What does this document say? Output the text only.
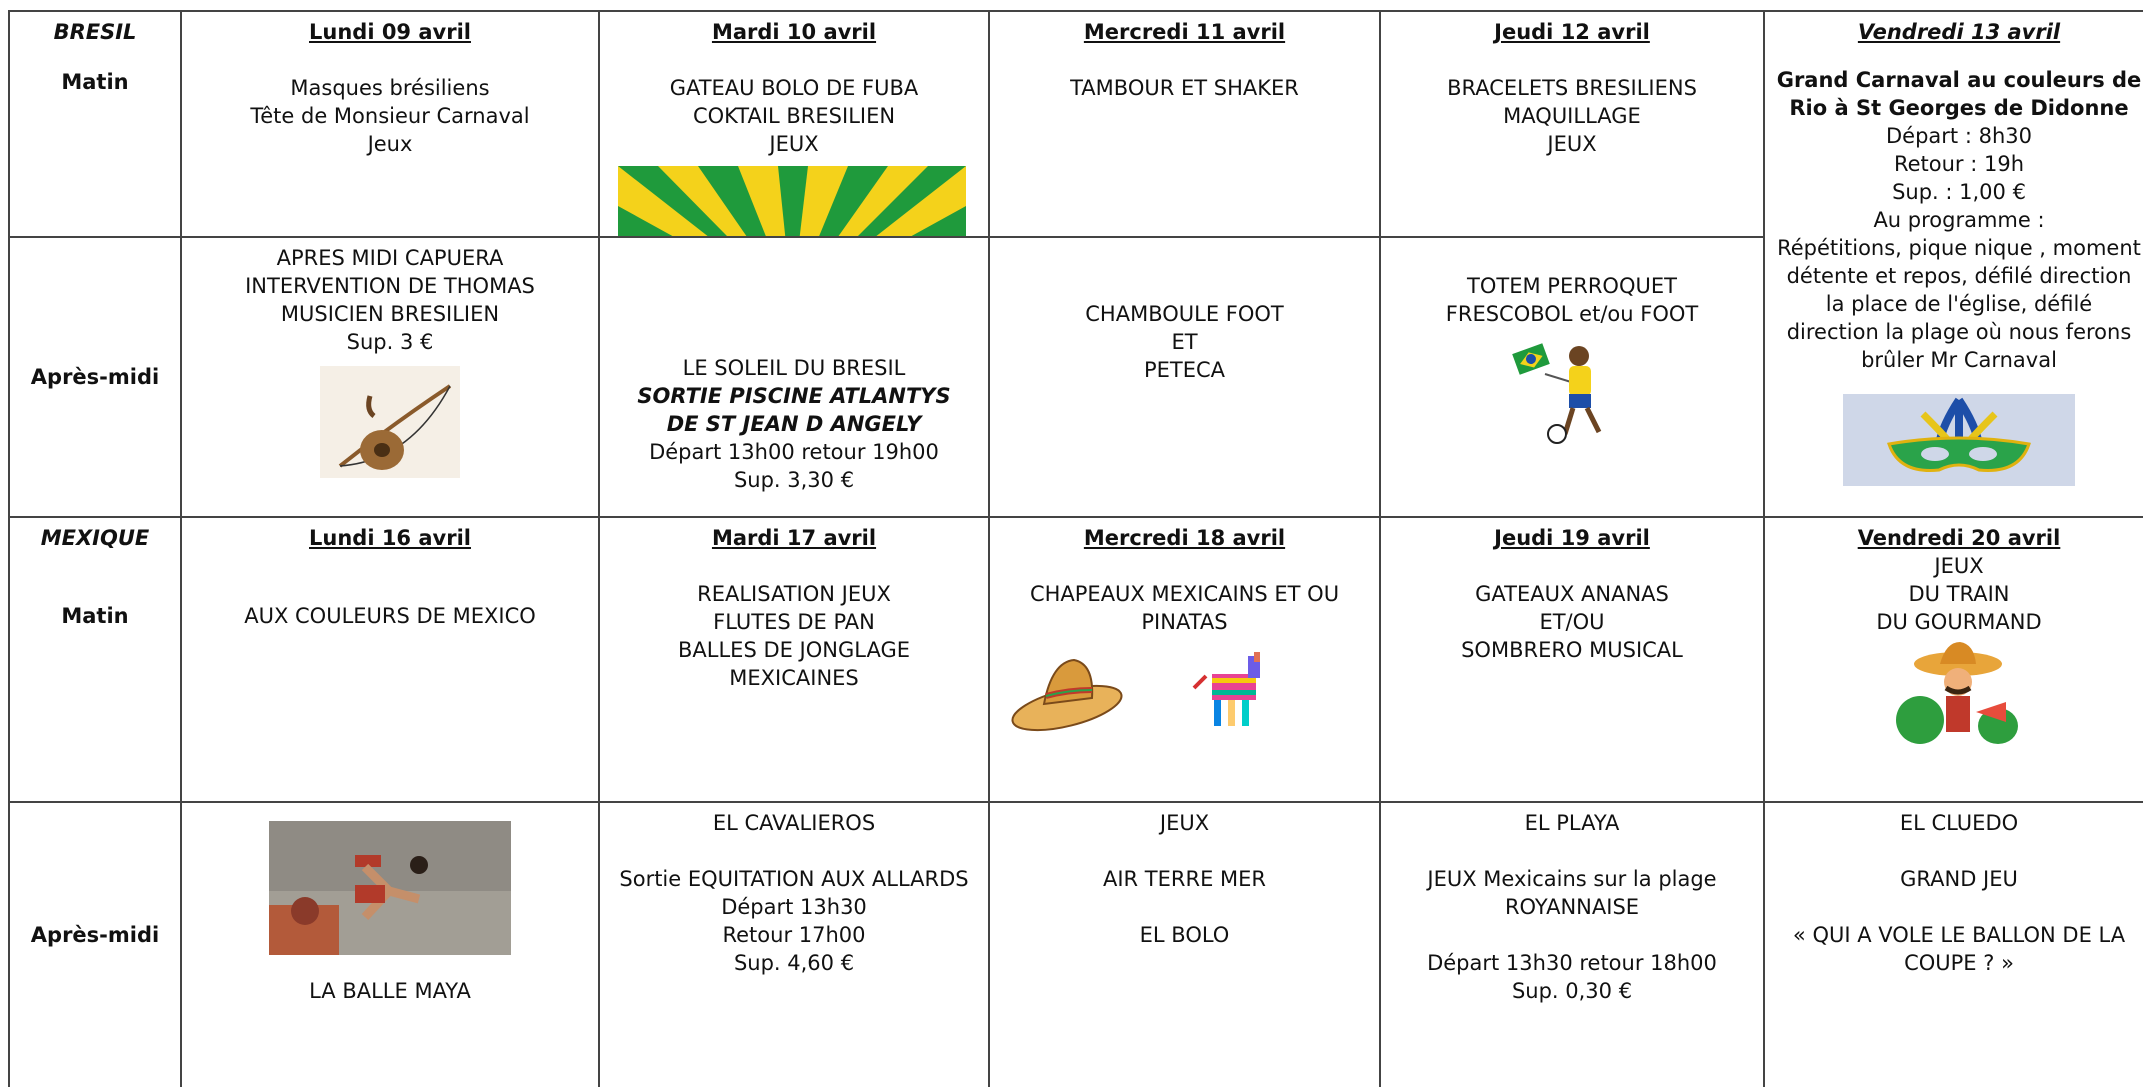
BRESIL
Matin
Lundi 09 avril
Masques brésiliens
Tête de Monsieur Carnaval
Jeux
Mardi 10 avril
GATEAU BOLO DE FUBA
COKTAIL BRESILIEN
JEUX
Mercredi 11 avril
TAMBOUR ET SHAKER
Jeudi 12 avril
BRACELETS BRESILIENS
MAQUILLAGE
JEUX
Vendredi 13 avril
Grand Carnaval au couleurs de
Rio à St Georges de Didonne
Départ : 8h30
Retour : 19h
Sup. : 1,00 €
Au programme :
Répétitions, pique nique , moment
détente et repos, défilé direction
la place de l'église, défilé
direction la plage où nous ferons
brûler Mr Carnaval
Après-midi
APRES MIDI CAPUERA
INTERVENTION DE THOMAS
MUSICIEN BRESILIEN
Sup. 3 €
LE SOLEIL DU BRESIL
SORTIE PISCINE ATLANTYS
DE ST JEAN D ANGELY
Départ 13h00 retour 19h00
Sup. 3,30 €
CHAMBOULE FOOT
ET
PETECA
TOTEM PERROQUET
FRESCOBOL et/ou FOOT
MEXIQUE
Matin
Lundi 16 avril
AUX COULEURS DE MEXICO
Mardi 17 avril
REALISATION JEUX
FLUTES DE PAN
BALLES DE JONGLAGE
MEXICAINES
Mercredi 18 avril
CHAPEAUX MEXICAINS ET OU
PINATAS
Jeudi 19 avril
GATEAUX ANANAS
ET/OU
SOMBRERO MUSICAL
Vendredi 20 avril
JEUX
DU TRAIN
DU GOURMAND
Après-midi
LA BALLE MAYA
EL CAVALIEROS
Sortie EQUITATION AUX ALLARDS
Départ 13h30
Retour 17h00
Sup. 4,60 €
JEUX
AIR TERRE MER
EL BOLO
EL PLAYA
JEUX Mexicains sur la plage
ROYANNAISE
Départ 13h30 retour 18h00
Sup. 0,30 €
EL CLUEDO
GRAND JEU
« QUI A VOLE LE BALLON DE LA
COUPE ? »
